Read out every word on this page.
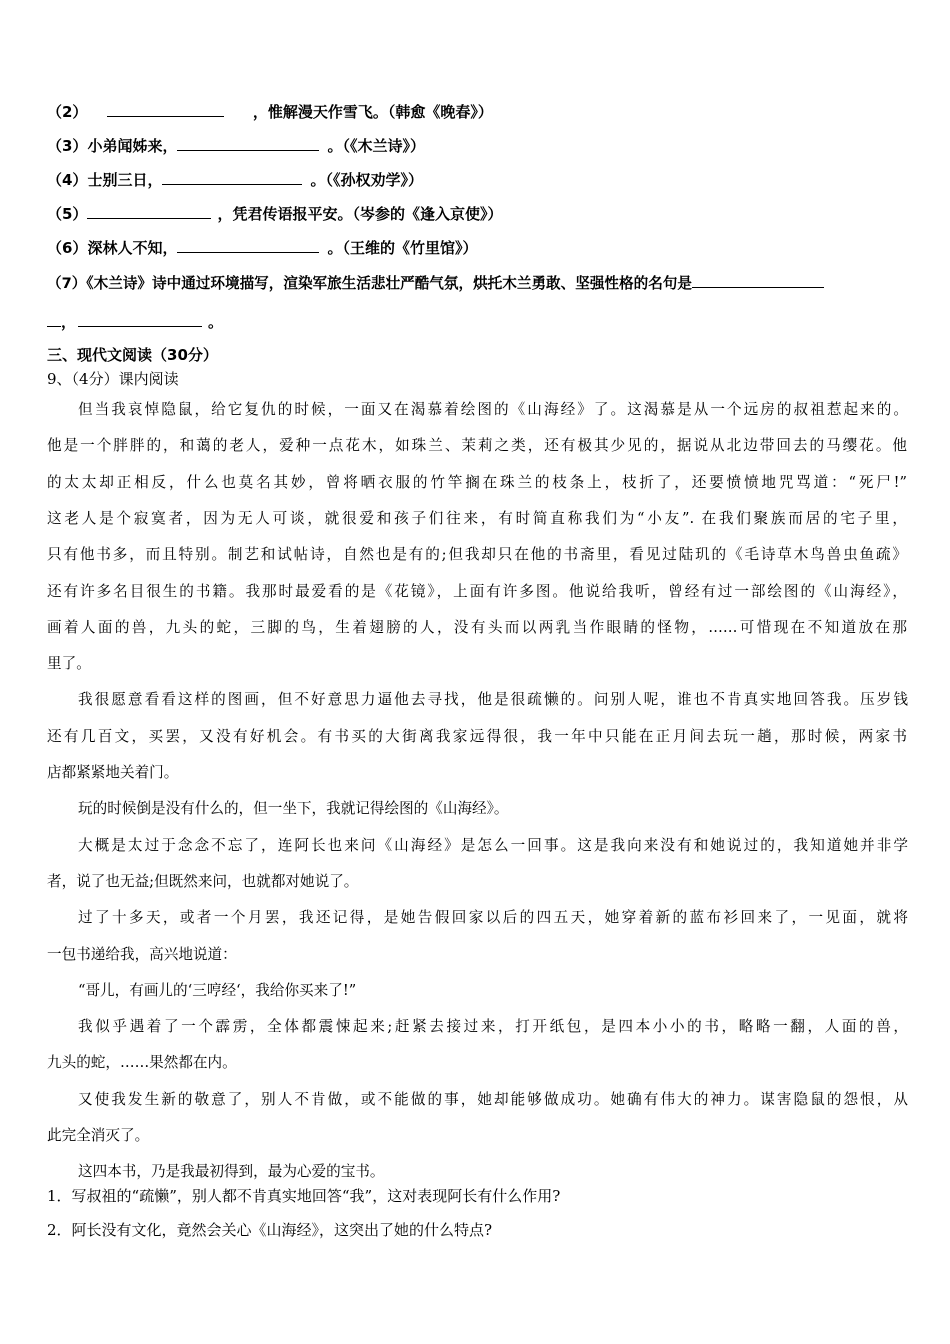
（2）	，惟解漫天作雪飞。（韩愈《晚春》）
（3）小弟闻姊来，	。（《木兰诗》）
（4）士别三日，	。（《孙权劝学》）
（5）	，凭君传语报平安。（岑参的《逢入京使》）
（6）深林人不知，	。（王维的《竹里馆》）
（7）《木兰诗》诗中通过环境描写，渲染军旅生活悲壮严酷气氛，烘托木兰勇敢、坚强性格的名句是
，	。
三、现代文阅读（30分）
9、（4分）课内阅读
但当我哀悼隐鼠，给它复仇的时候，一面又在渴慕着绘图的《山海经》了。这渴慕是从一个远房的叔祖惹起来的。
他是一个胖胖的，和蔼的老人，爱种一点花木，如珠兰、茉莉之类，还有极其少见的，据说从北边带回去的马缨花。他
的太太却正相反，什么也莫名其妙，曾将晒衣服的竹竿搁在珠兰的枝条上，枝折了，还要愤愤地咒骂道：“死尸!”
这老人是个寂寞者，因为无人可谈，就很爱和孩子们往来，有时简直称我们为“小友”. 在我们聚族而居的宅子里，
只有他书多，而且特别。制艺和试帖诗，自然也是有的;但我却只在他的书斋里，看见过陆玑的《毛诗草木鸟兽虫鱼疏》
还有许多名目很生的书籍。我那时最爱看的是《花镜》，上面有许多图。他说给我听，曾经有过一部绘图的《山海经》，
画着人面的兽，九头的蛇，三脚的鸟，生着翅膀的人，没有头而以两乳当作眼睛的怪物，……可惜现在不知道放在那
里了。
我很愿意看看这样的图画，但不好意思力逼他去寻找，他是很疏懒的。问别人呢，谁也不肯真实地回答我。压岁钱
还有几百文，买罢，又没有好机会。有书买的大街离我家远得很，我一年中只能在正月间去玩一趟，那时候，两家书
店都紧紧地关着门。
玩的时候倒是没有什么的，但一坐下，我就记得绘图的《山海经》。
大概是太过于念念不忘了，连阿长也来问《山海经》是怎么一回事。这是我向来没有和她说过的，我知道她并非学
者，说了也无益;但既然来问，也就都对她说了。
过了十多天，或者一个月罢，我还记得，是她告假回家以后的四五天，她穿着新的蓝布衫回来了，一见面，就将
一包书递给我，高兴地说道：
“哥儿，有画儿的‘三哼经‘，我给你买来了!”
我似乎遇着了一个霹雳，全体都震悚起来;赶紧去接过来，打开纸包，是四本小小的书，略略一翻，人面的兽，
九头的蛇，……果然都在内。
又使我发生新的敬意了，别人不肯做，或不能做的事，她却能够做成功。她确有伟大的神力。谋害隐鼠的怨恨，从
此完全消灭了。
这四本书，乃是我最初得到，最为心爱的宝书。
1．写叔祖的“疏懒”，别人都不肯真实地回答“我”，这对表现阿长有什么作用?
2．阿长没有文化，竟然会关心《山海经》，这突出了她的什么特点?
